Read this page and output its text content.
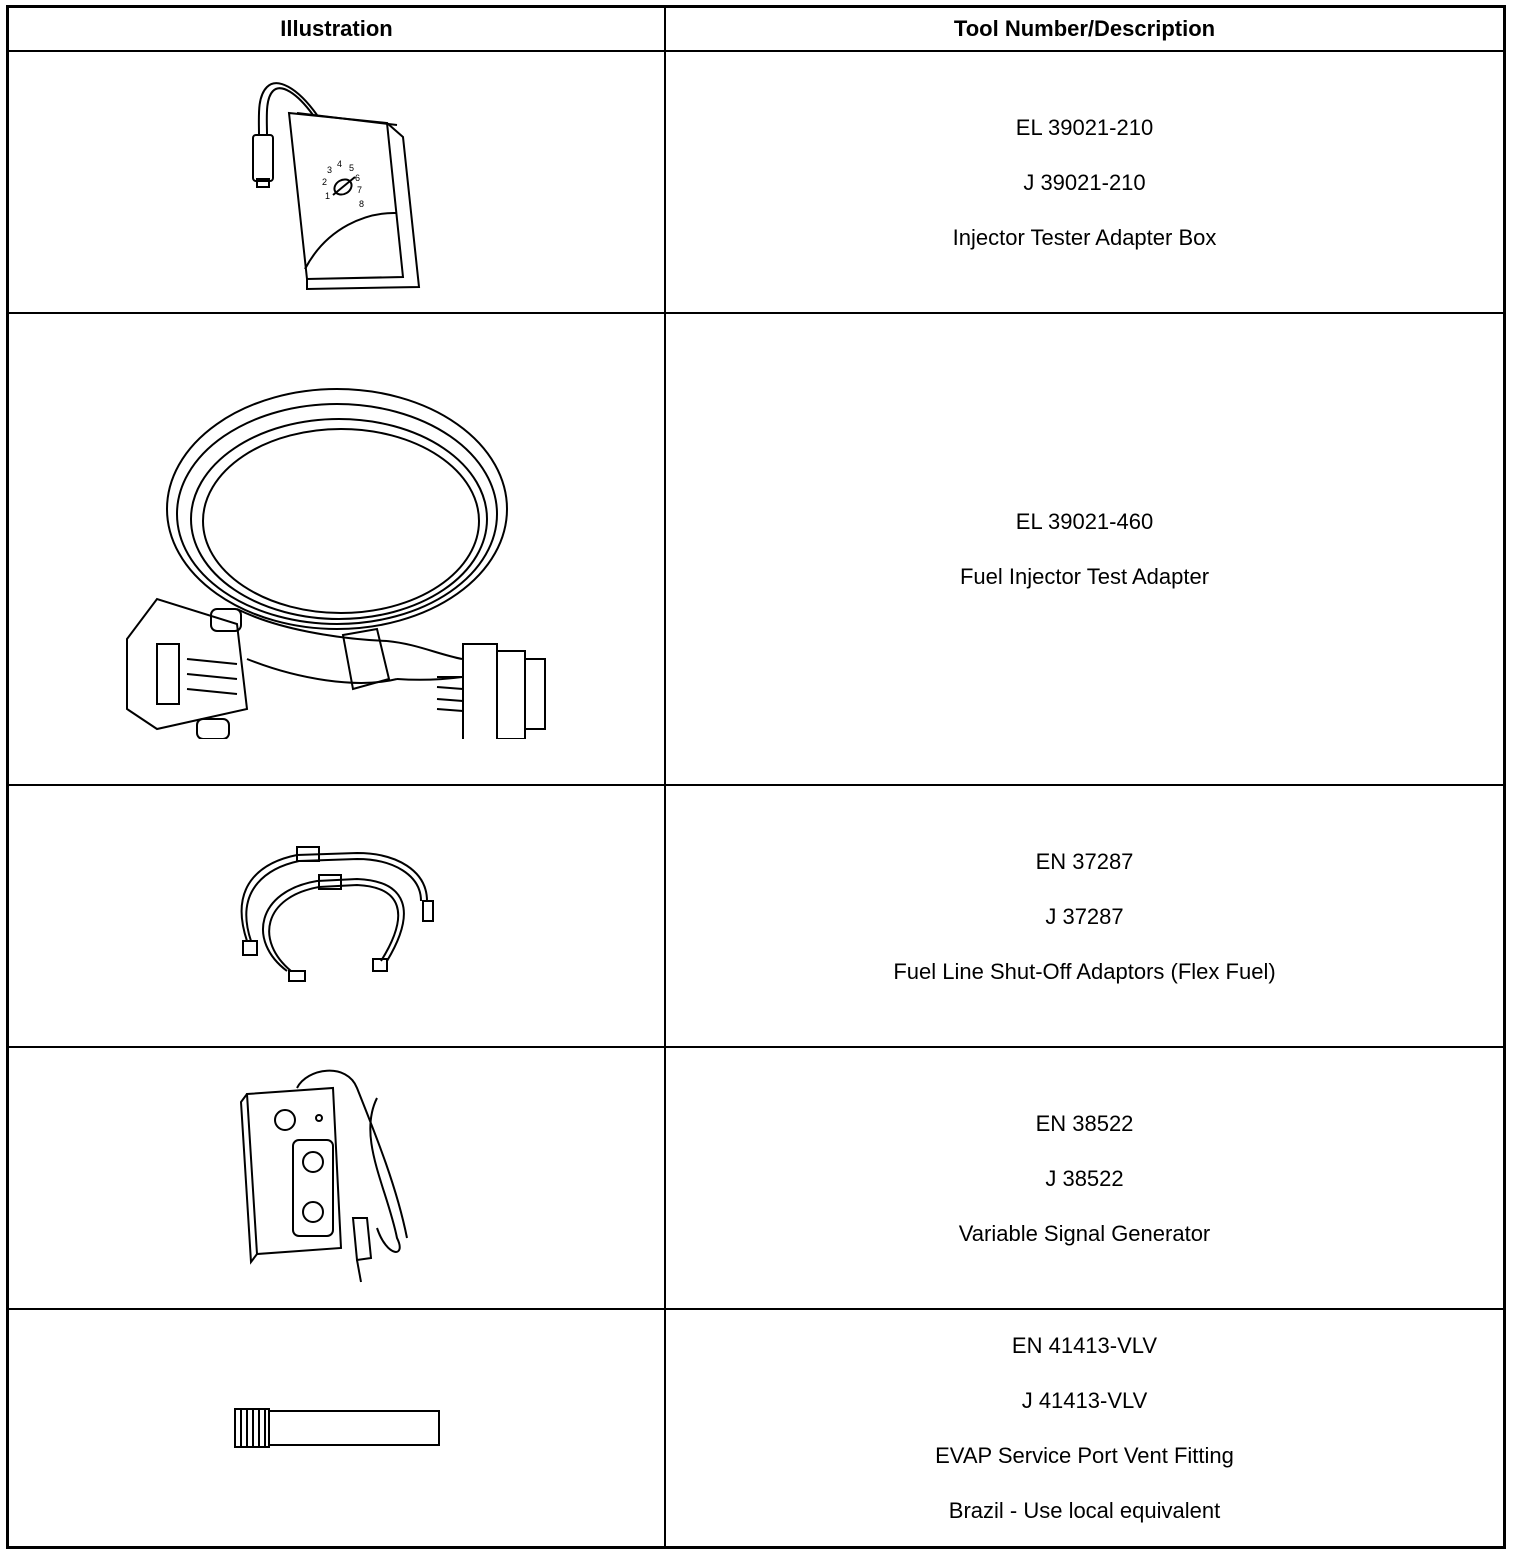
Illustration	Tool Number/Description
1
2
3
4 5
6
7
8
EL 39021-210
J 39021-210
Injector Tester Adapter Box
EL 39021-460
Fuel Injector Test Adapter
EN 37287
J 37287
Fuel Line Shut-Off Adaptors (Flex Fuel)
EN 38522
J 38522
Variable Signal Generator
EN 41413-VLV
J 41413-VLV
EVAP Service Port Vent Fitting
Brazil - Use local equivalent
